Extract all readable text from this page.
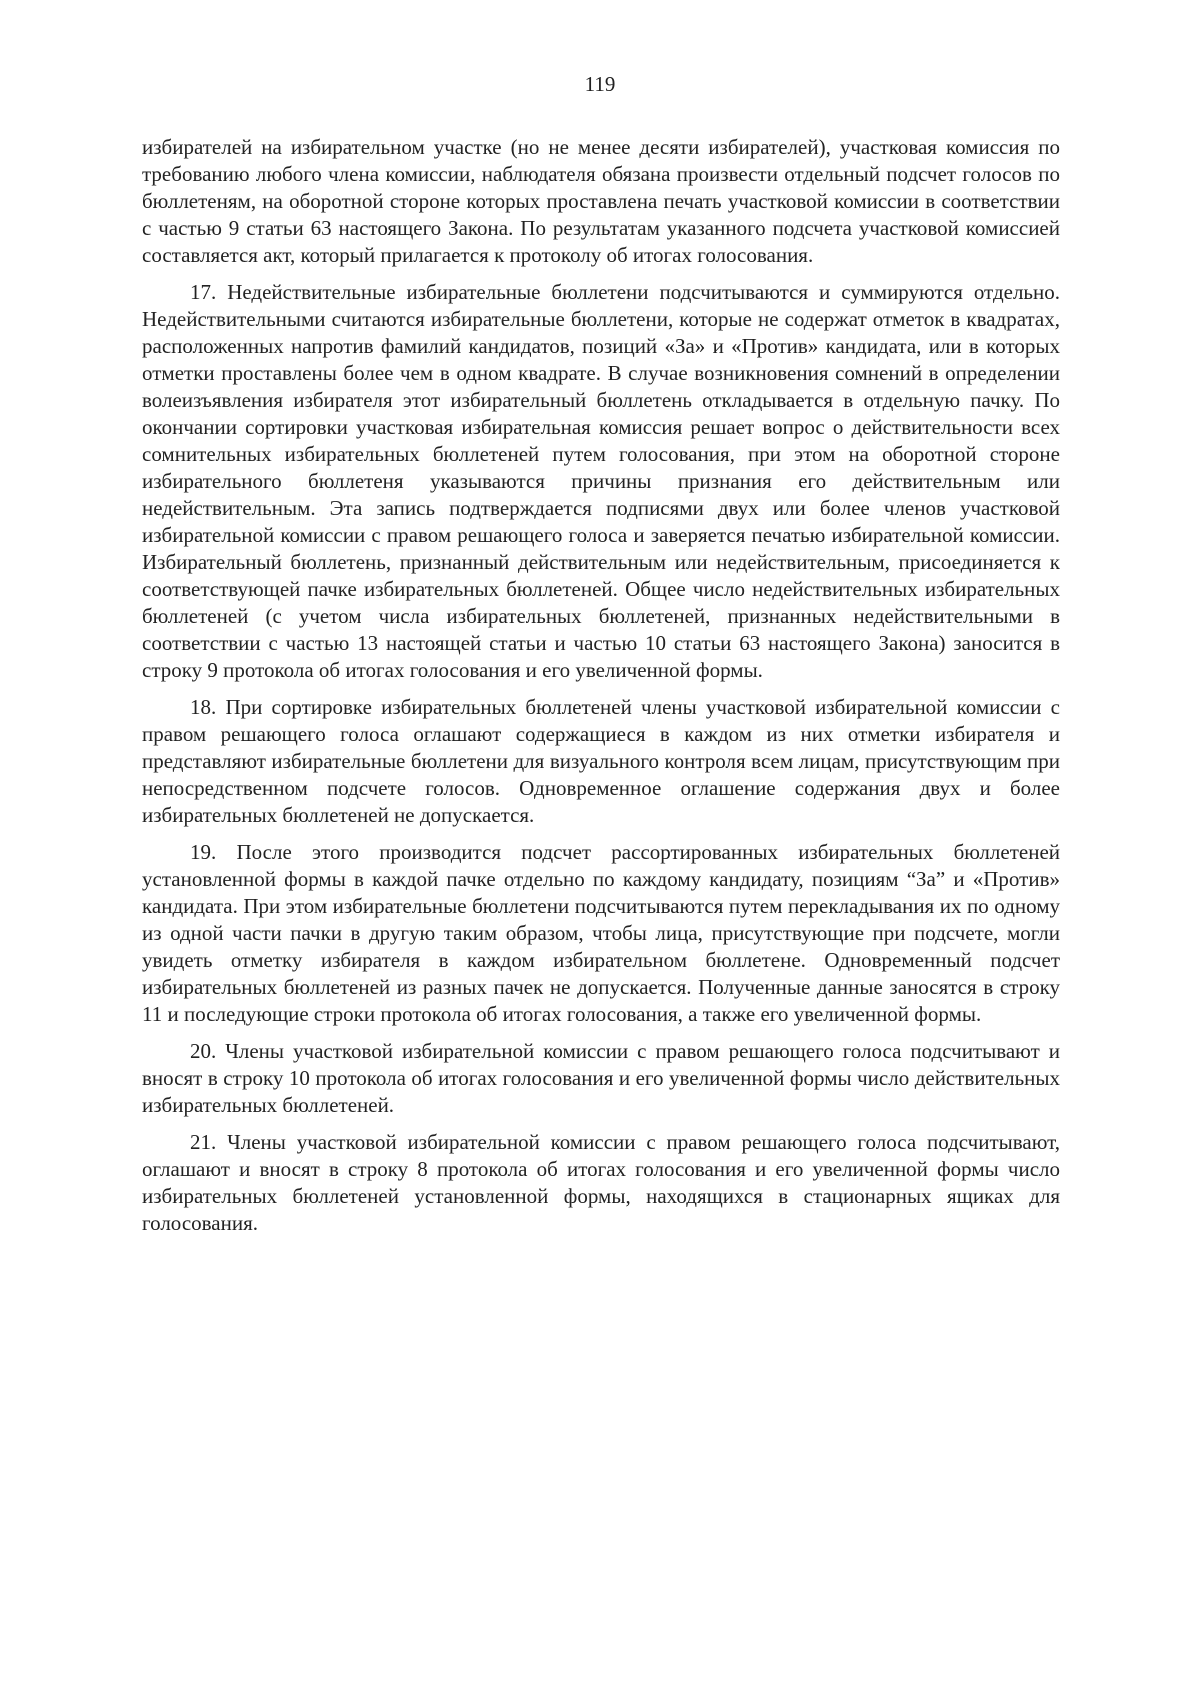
119

избирателей на избирательном участке (но не менее десяти избирателей), участковая комиссия по требованию любого члена комиссии, наблюдателя обязана произвести отдельный подсчет голосов по бюллетеням, на оборотной стороне которых проставлена печать участковой комиссии в соответствии с частью 9 статьи 63 настоящего Закона. По результатам указанного подсчета участковой комиссией составляется акт, который прилагается к протоколу об итогах голосования.

17. Недействительные избирательные бюллетени подсчитываются и суммируются отдельно. Недействительными считаются избирательные бюллетени, которые не содержат отметок в квадратах, расположенных напротив фамилий кандидатов, позиций «За» и «Против» кандидата, или в которых отметки проставлены более чем в одном квадрате. В случае возникновения сомнений в определении волеизъявления избирателя этот избирательный бюллетень откладывается в отдельную пачку. По окончании сортировки участковая избирательная комиссия решает вопрос о действительности всех сомнительных избирательных бюллетеней путем голосования, при этом на оборотной стороне избирательного бюллетеня указываются причины признания его действительным или недействительным. Эта запись подтверждается подписями двух или более членов участковой избирательной комиссии с правом решающего голоса и заверяется печатью избирательной комиссии. Избирательный бюллетень, признанный действительным или недействительным, присоединяется к соответствующей пачке избирательных бюллетеней. Общее число недействительных избирательных бюллетеней (с учетом числа избирательных бюллетеней, признанных недействительными в соответствии с частью 13 настоящей статьи и частью 10 статьи 63 настоящего Закона) заносится в строку 9 протокола об итогах голосования и его увеличенной формы.

18. При сортировке избирательных бюллетеней члены участковой избирательной комиссии с правом решающего голоса оглашают содержащиеся в каждом из них отметки избирателя и представляют избирательные бюллетени для визуального контроля всем лицам, присутствующим при непосредственном подсчете голосов. Одновременное оглашение содержания двух и более избирательных бюллетеней не допускается.

19. После этого производится подсчет рассортированных избирательных бюллетеней установленной формы в каждой пачке отдельно по каждому кандидату, позициям “За” и «Против» кандидата. При этом избирательные бюллетени подсчитываются путем перекладывания их по одному из одной части пачки в другую таким образом, чтобы лица, присутствующие при подсчете, могли увидеть отметку избирателя в каждом избирательном бюллетене. Одновременный подсчет избирательных бюллетеней из разных пачек не допускается. Полученные данные заносятся в строку 11 и последующие строки протокола об итогах голосования, а также его увеличенной формы.

20. Члены участковой избирательной комиссии с правом решающего голоса подсчитывают и вносят в строку 10 протокола об итогах голосования и его увеличенной формы число действительных избирательных бюллетеней.

21. Члены участковой избирательной комиссии с правом решающего голоса подсчитывают, оглашают и вносят в строку 8 протокола об итогах голосования и его увеличенной формы число избирательных бюллетеней установленной формы, находящихся в стационарных ящиках для голосования.
